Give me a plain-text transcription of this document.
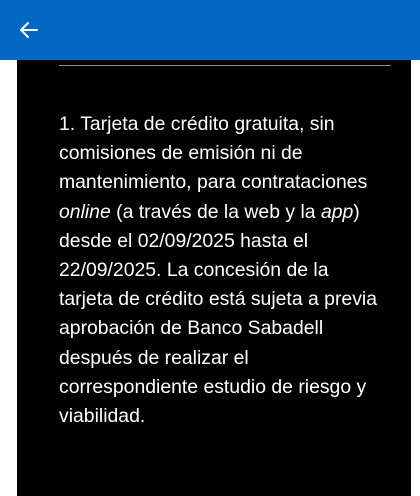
1. Tarjeta de crédito gratuita, sin comisiones de emisión ni de mantenimiento, para contrataciones online (a través de la web y la app) desde el 02/09/2025 hasta el 22/09/2025. La concesión de la tarjeta de crédito está sujeta a previa aprobación de Banco Sabadell después de realizar el correspondiente estudio de riesgo y viabilidad.
